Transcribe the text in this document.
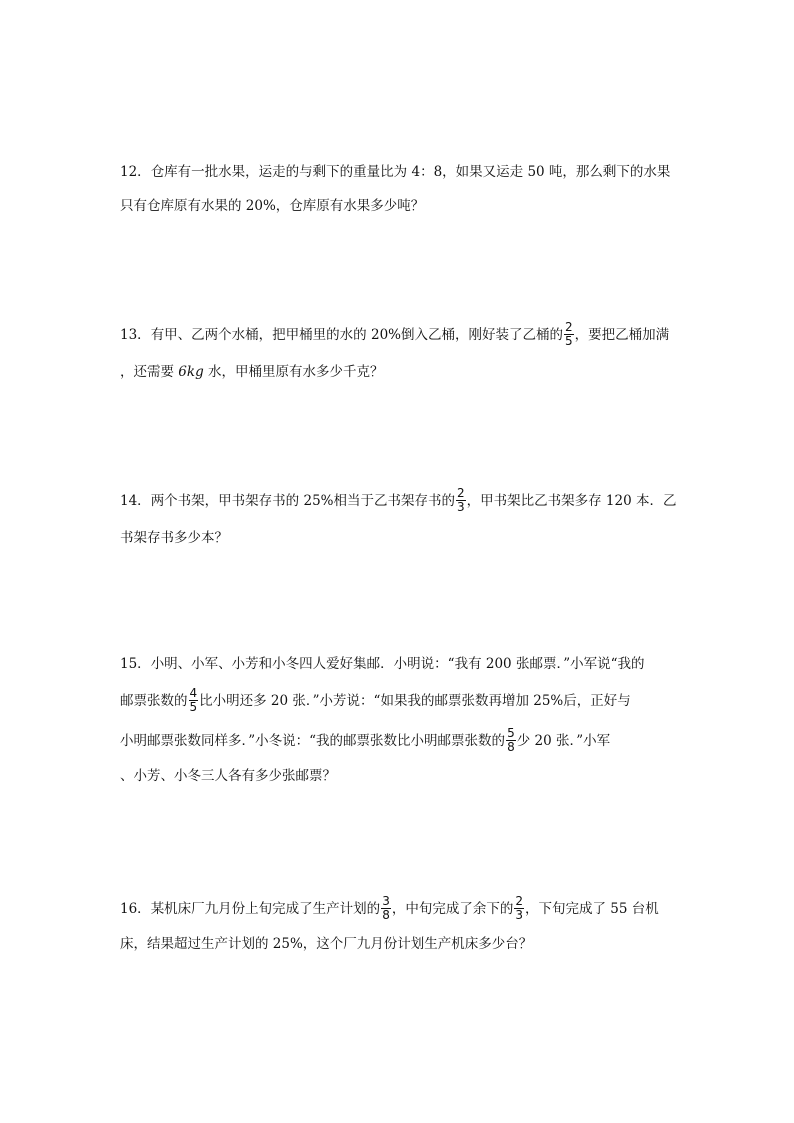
12．仓库有一批水果，运走的与剩下的重量比为 4：8，如果又运走 50 吨，那么剩下的水果
只有仓库原有水果的 20%，仓库原有水果多少吨？
13．有甲、乙两个水桶，把甲桶里的水的 20%倒入乙桶，刚好装了乙桶的 $\frac{2}{5}$ ，要把乙桶加满
，还需要 6kg 水，甲桶里原有水多少千克？
14．两个书架，甲书架存书的 25%相当于乙书架存书的 $\frac{2}{3}$ ，甲书架比乙书架多存 120 本．乙
书架存书多少本？
15．小明、小军、小芳和小冬四人爱好集邮．小明说：“我有 200 张邮票．”小军说“我的
邮票张数的 $\frac{4}{5}$ 比小明还多 20 张．”小芳说：“如果我的邮票张数再增加 25%后，正好与
小明邮票张数同样多．”小冬说：“我的邮票张数比小明邮票张数的 $\frac{5}{8}$ 少 20 张．”小军
、小芳、小冬三人各有多少张邮票？
16．某机床厂九月份上旬完成了生产计划的 $\frac{3}{8}$ ，中旬完成了余下的 $\frac{2}{3}$ ，下旬完成了 55 台机
床，结果超过生产计划的 25%，这个厂九月份计划生产机床多少台？
